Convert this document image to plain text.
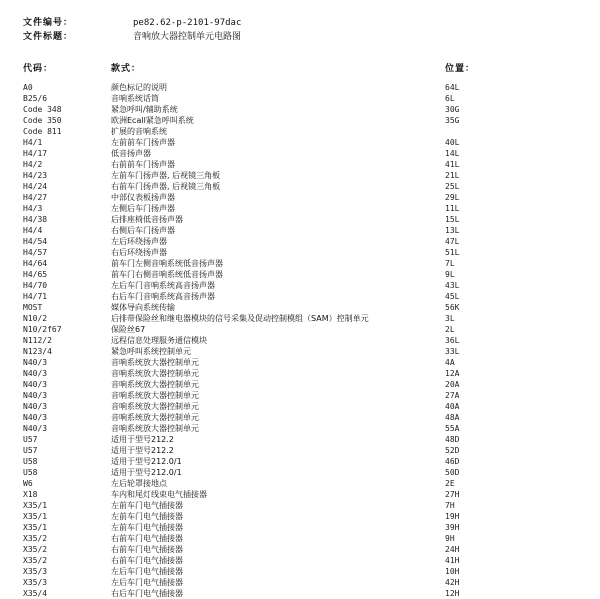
文件编号：	pe82.62-p-2101-97dac
文件标题：	音响放大器控制单元电路图
代码：	款式：	位置：
A0	颜色标记的说明	64L
B25/6	音响系统话筒	6L
Code 348	紧急呼叫/辅助系统	30G
Code 350	欧洲Ecall紧急呼叫系统	35G
Code 811	扩展的音响系统
H4/1	左前前车门扬声器	40L
H4/17	低音扬声器	14L
H4/2	右前前车门扬声器	41L
H4/23	左前车门扬声器, 后视镜三角板	21L
H4/24	右前车门扬声器, 后视镜三角板	25L
H4/27	中部仪表板扬声器	29L
H4/3	左侧后车门扬声器	11L
H4/38	后排座椅低音扬声器	15L
H4/4	右侧后车门扬声器	13L
H4/54	左后环绕扬声器	47L
H4/57	右后环绕扬声器	51L
H4/64	前车门左侧音响系统低音扬声器	7L
H4/65	前车门右侧音响系统低音扬声器	9L
H4/70	左后车门音响系统高音扬声器	43L
H4/71	右后车门音响系统高音扬声器	45L
MOST	媒体导向系统传输	56K
N10/2	后排带保险丝和继电器模块的信号采集及促动控制模组（SAM）控制单元	3L
N10/2f67	保险丝67	2L
N112/2	远程信息处理服务通信模块	36L
N123/4	紧急呼叫系统控制单元	33L
N40/3	音响系统放大器控制单元	4A
N40/3	音响系统放大器控制单元	12A
N40/3	音响系统放大器控制单元	20A
N40/3	音响系统放大器控制单元	27A
N40/3	音响系统放大器控制单元	40A
N40/3	音响系统放大器控制单元	48A
N40/3	音响系统放大器控制单元	55A
U57	适用于型号212.2	48D
U57	适用于型号212.2	52D
U58	适用于型号212.0/1	46D
U58	适用于型号212.0/1	50D
W6	左后轮罩接地点	2E
X18	车内和尾灯线束电气插接器	27H
X35/1	左前车门电气插接器	7H
X35/1	左前车门电气插接器	19H
X35/1	左前车门电气插接器	39H
X35/2	右前车门电气插接器	9H
X35/2	右前车门电气插接器	24H
X35/2	右前车门电气插接器	41H
X35/3	左后车门电气插接器	10H
X35/3	左后车门电气插接器	42H
X35/4	右后车门电气插接器	12H
